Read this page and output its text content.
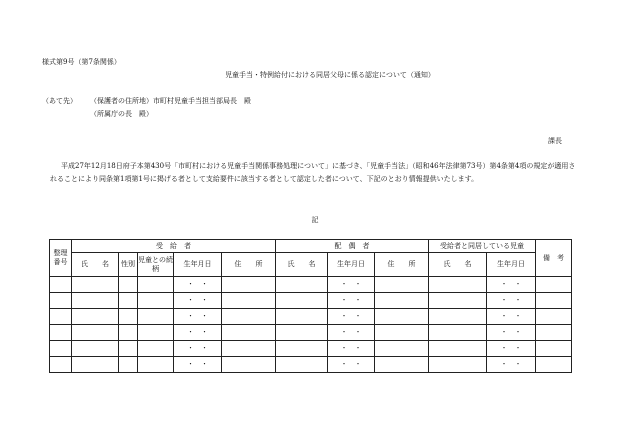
様式第9号（第7条関係）
児童手当・特例給付における同居父母に係る認定について（通知）
（あて先） （保護者の住所地）市町村児童手当担当部局長　殿
（所属庁の長　殿）
課長
平成27年12月18日府子本第430号「市町村における児童手当関係事務処理について」に基づき、「児童手当法」（昭和46年法律第73号）第4条第4項の規定が適用されることにより同条第1項第1号に掲げる者として支給要件に該当する者として認定した者について、下記のとおり情報提供いたします。
記
整理
番号	受　給　者					配　偶　者			受給者と同居している児童		備　考
	氏　　名	性別	児童との続柄	生年月日	住　　所	氏　　名	生年月日	住　　所	氏　　名	生年月日	
				・　・			・　・			・　・	
				・　・			・　・			・　・	
				・　・			・　・			・　・	
				・　・			・　・			・　・	
				・　・			・　・			・　・	
				・　・			・　・			・　・	
